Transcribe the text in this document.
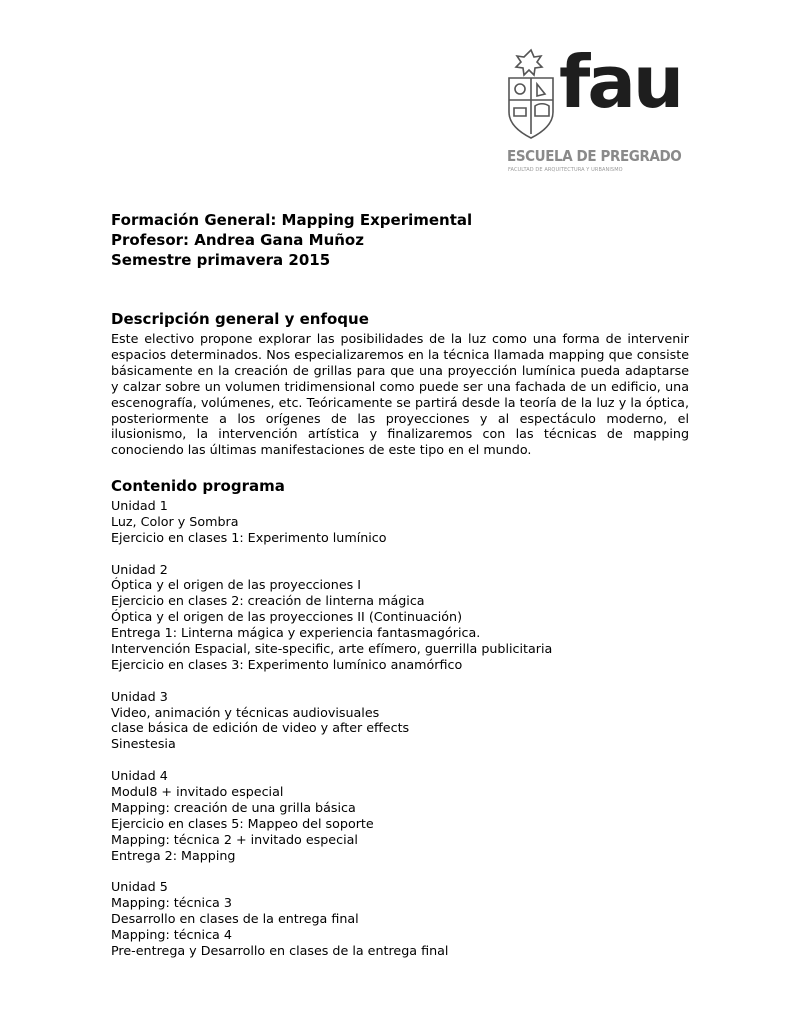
fau
ESCUELA DE PREGRADO
FACULTAD DE ARQUITECTURA Y URBANISMO
Formación General: Mapping Experimental
Profesor: Andrea Gana Muñoz
Semestre primavera 2015
Descripción general y enfoque

Este electivo propone explorar las posibilidades de la luz como una forma de intervenir espacios determinados. Nos especializaremos en la técnica llamada mapping que consiste básicamente en la creación de grillas para que una proyección lumínica pueda adaptarse y calzar sobre un volumen tridimensional como puede ser una fachada de un edificio, una escenografía, volúmenes, etc. Teóricamente se partirá desde la teoría de la luz y la óptica, posteriormente a los orígenes de las proyecciones y al espectáculo moderno, el ilusionismo, la intervención artística y finalizaremos con las técnicas de mapping conociendo las últimas manifestaciones de este tipo en el mundo.

Contenido programa
Unidad 1
Luz, Color y Sombra
Ejercicio en clases 1: Experimento lumínico
Unidad 2
Óptica y el origen de las proyecciones I
Ejercicio en clases 2: creación de linterna mágica
Óptica y el origen de las proyecciones II (Continuación)
Entrega 1: Linterna mágica y experiencia fantasmagórica.
Intervención Espacial, site-specific, arte efímero, guerrilla publicitaria
Ejercicio en clases 3: Experimento lumínico anamórfico
Unidad 3
Video, animación y técnicas audiovisuales
clase básica de edición de video y after effects
Sinestesia
Unidad 4
Modul8 + invitado especial
Mapping: creación de una grilla básica
Ejercicio en clases 5: Mappeo del soporte
Mapping: técnica 2 + invitado especial
Entrega 2: Mapping
Unidad 5
Mapping: técnica 3
Desarrollo en clases de la entrega final
Mapping: técnica 4
Pre-entrega y Desarrollo en clases de la entrega final
